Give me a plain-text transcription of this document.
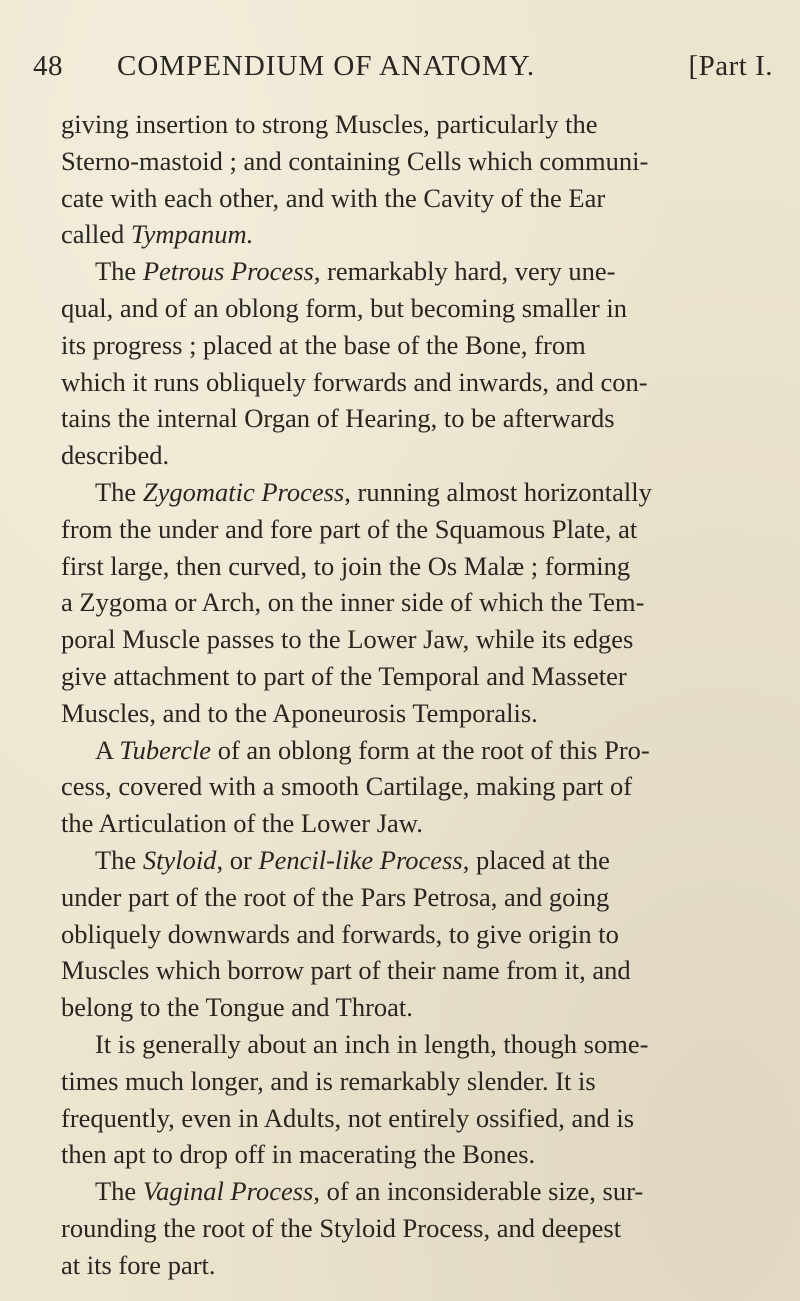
48 COMPENDIUM OF ANATOMY.	[Part I.
giving insertion to strong Muscles, particularly the
Sterno-mastoid ; and containing Cells which communi-
cate with each other, and with the Cavity of the Ear
called Tympanum.
The Petrous Process, remarkably hard, very une-
qual, and of an oblong form, but becoming smaller in
its progress ; placed at the base of the Bone, from
which it runs obliquely forwards and inwards, and con-
tains the internal Organ of Hearing, to be afterwards
described.
The Zygomatic Process, running almost horizontally
from the under and fore part of the Squamous Plate, at
first large, then curved, to join the Os Malæ ; forming
a Zygoma or Arch, on the inner side of which the Tem-
poral Muscle passes to the Lower Jaw, while its edges
give attachment to part of the Temporal and Masseter
Muscles, and to the Aponeurosis Temporalis.
A Tubercle of an oblong form at the root of this Pro-
cess, covered with a smooth Cartilage, making part of
the Articulation of the Lower Jaw.
The Styloid, or Pencil-like Process, placed at the
under part of the root of the Pars Petrosa, and going
obliquely downwards and forwards, to give origin to
Muscles which borrow part of their name from it, and
belong to the Tongue and Throat.
It is generally about an inch in length, though some-
times much longer, and is remarkably slender. It is
frequently, even in Adults, not entirely ossified, and is
then apt to drop off in macerating the Bones.
The Vaginal Process, of an inconsiderable size, sur-
rounding the root of the Styloid Process, and deepest
at its fore part.
